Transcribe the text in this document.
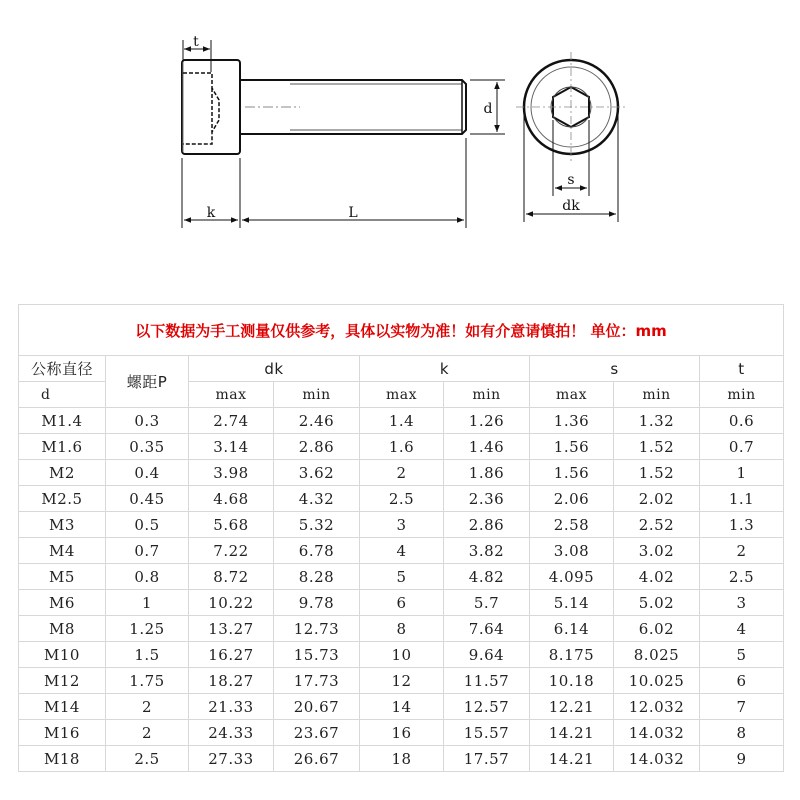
t
k	L
d
s
dk
以下数据为手工测量仅供参考，具体以实物为准！如有介意请慎拍！ 单位：mm								
公称直径	螺距P	dk		k		s		t
d		max	min	max	min	max	min	min
M1.4	0.3	2.74	2.46	1.4	1.26	1.36	1.32	0.6
M1.6	0.35	3.14	2.86	1.6	1.46	1.56	1.52	0.7
M2	0.4	3.98	3.62	2	1.86	1.56	1.52	1
M2.5	0.45	4.68	4.32	2.5	2.36	2.06	2.02	1.1
M3	0.5	5.68	5.32	3	2.86	2.58	2.52	1.3
M4	0.7	7.22	6.78	4	3.82	3.08	3.02	2
M5	0.8	8.72	8.28	5	4.82	4.095	4.02	2.5
M6	1	10.22	9.78	6	5.7	5.14	5.02	3
M8	1.25	13.27	12.73	8	7.64	6.14	6.02	4
M10	1.5	16.27	15.73	10	9.64	8.175	8.025	5
M12	1.75	18.27	17.73	12	11.57	10.18	10.025	6
M14	2	21.33	20.67	14	12.57	12.21	12.032	7
M16	2	24.33	23.67	16	15.57	14.21	14.032	8
M18	2.5	27.33	26.67	18	17.57	14.21	14.032	9
